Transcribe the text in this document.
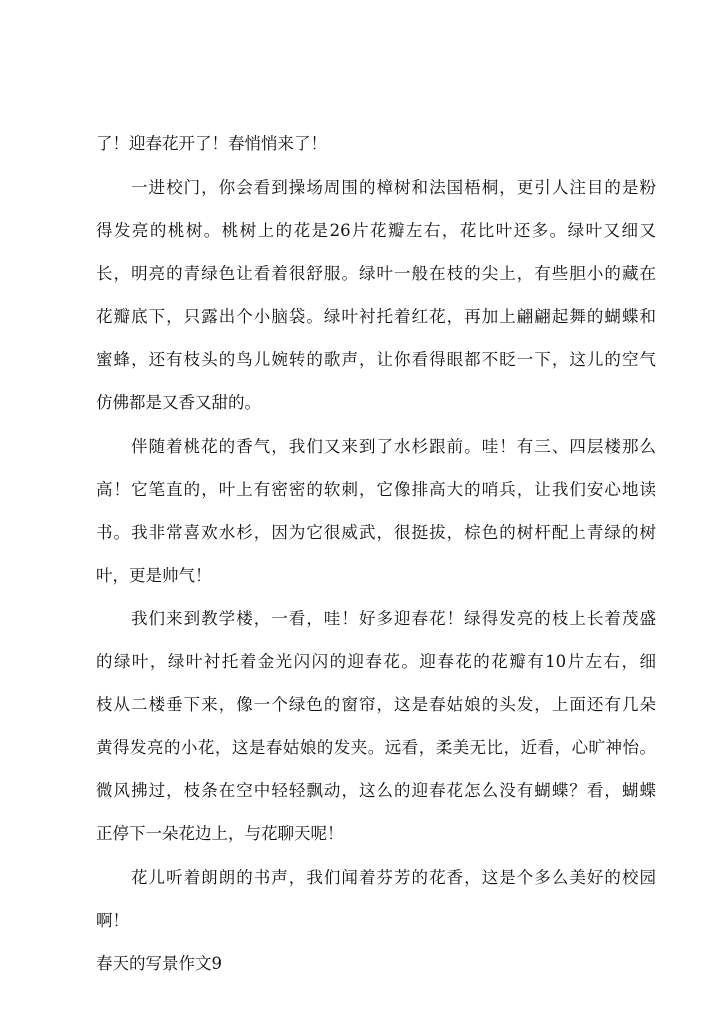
了！迎春花开了！春悄悄来了！
一进校门，你会看到操场周围的樟树和法国梧桐，更引人注目的是粉
得发亮的桃树。桃树上的花是26片花瓣左右，花比叶还多。绿叶又细又
长，明亮的青绿色让看着很舒服。绿叶一般在枝的尖上，有些胆小的藏在
花瓣底下，只露出个小脑袋。绿叶衬托着红花，再加上翩翩起舞的蝴蝶和
蜜蜂，还有枝头的鸟儿婉转的歌声，让你看得眼都不眨一下，这儿的空气
仿佛都是又香又甜的。
伴随着桃花的香气，我们又来到了水杉跟前。哇！有三、四层楼那么
高！它笔直的，叶上有密密的软刺，它像排高大的哨兵，让我们安心地读
书。我非常喜欢水杉，因为它很威武，很挺拔，棕色的树杆配上青绿的树
叶，更是帅气！
我们来到教学楼，一看，哇！好多迎春花！绿得发亮的枝上长着茂盛
的绿叶，绿叶衬托着金光闪闪的迎春花。迎春花的花瓣有10片左右，细
枝从二楼垂下来，像一个绿色的窗帘，这是春姑娘的头发，上面还有几朵
黄得发亮的小花，这是春姑娘的发夹。远看，柔美无比，近看，心旷神怡。
微风拂过，枝条在空中轻轻飘动，这么的迎春花怎么没有蝴蝶？看，蝴蝶
正停下一朵花边上，与花聊天呢！
花儿听着朗朗的书声，我们闻着芬芳的花香，这是个多么美好的校园
啊！
春天的写景作文9
